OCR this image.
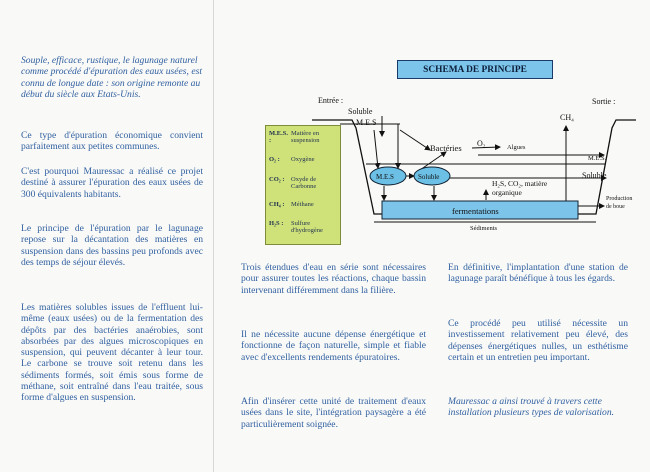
Souple, efficace, rustique, le lagunage naturel comme procédé d'épuration des eaux usées, est connu de longue date : son origine remonte au début du siècle aux Etats-Unis.

Ce type d'épuration économique convient parfaitement aux petites communes.

C'est pourquoi Mauressac a réalisé ce projet destiné à assurer l'épuration des eaux usées de 300 équivalents habitants.

Le principe de l'épuration par le lagunage repose sur la décantation des matières en suspension dans des bassins peu profonds avec des temps de séjour élevés.

Les matières solubles issues de l'effluent lui-même (eaux usées) ou de la fermentation des dépôts par des bactéries anaérobies, sont absorbées par des algues microscopiques en suspension, qui peuvent décanter à leur tour. Le carbone se trouve soit retenu dans les sédiments formés, soit émis sous forme de méthane, soit entraîné dans l'eau traitée, sous forme d'algues en suspension.

SCHEMA DE PRINCIPE
Entrée :	Sortie :
Soluble
M.E.S
CH₄
Bactéries O₂	Algues
M.E.S.
M.E.S	Soluble
H₂S, CO₂, matière
organique
Soluble
Production
de boue
fermentations
Sédiments
M.E.S. :Matière en suspension
O₂ : Oxygène
CO₂ : Oxyde de Carbonne
CH₄ : Méthane
H₂S : Sulfure d'hydrogène

Trois étendues d'eau en série sont nécessaires pour assurer toutes les réactions, chaque bassin intervenant différemment dans la filière.

Il ne nécessite aucune dépense énergétique et fonctionne de façon naturelle, simple et fiable avec d'excellents rendements épuratoires.

Afin d'insérer cette unité de traitement d'eaux usées dans le site, l'intégration paysagère a été particulièrement soignée.

En définitive, l'implantation d'une station de lagunage paraît bénéfique à tous les égards.

Ce procédé peu utilisé nécessite un investissement relativement peu élevé, des dépenses énergétiques nulles, un esthétisme certain et un entretien peu important.

Mauressac a ainsi trouvé à travers cette installation plusieurs types de valorisation.
